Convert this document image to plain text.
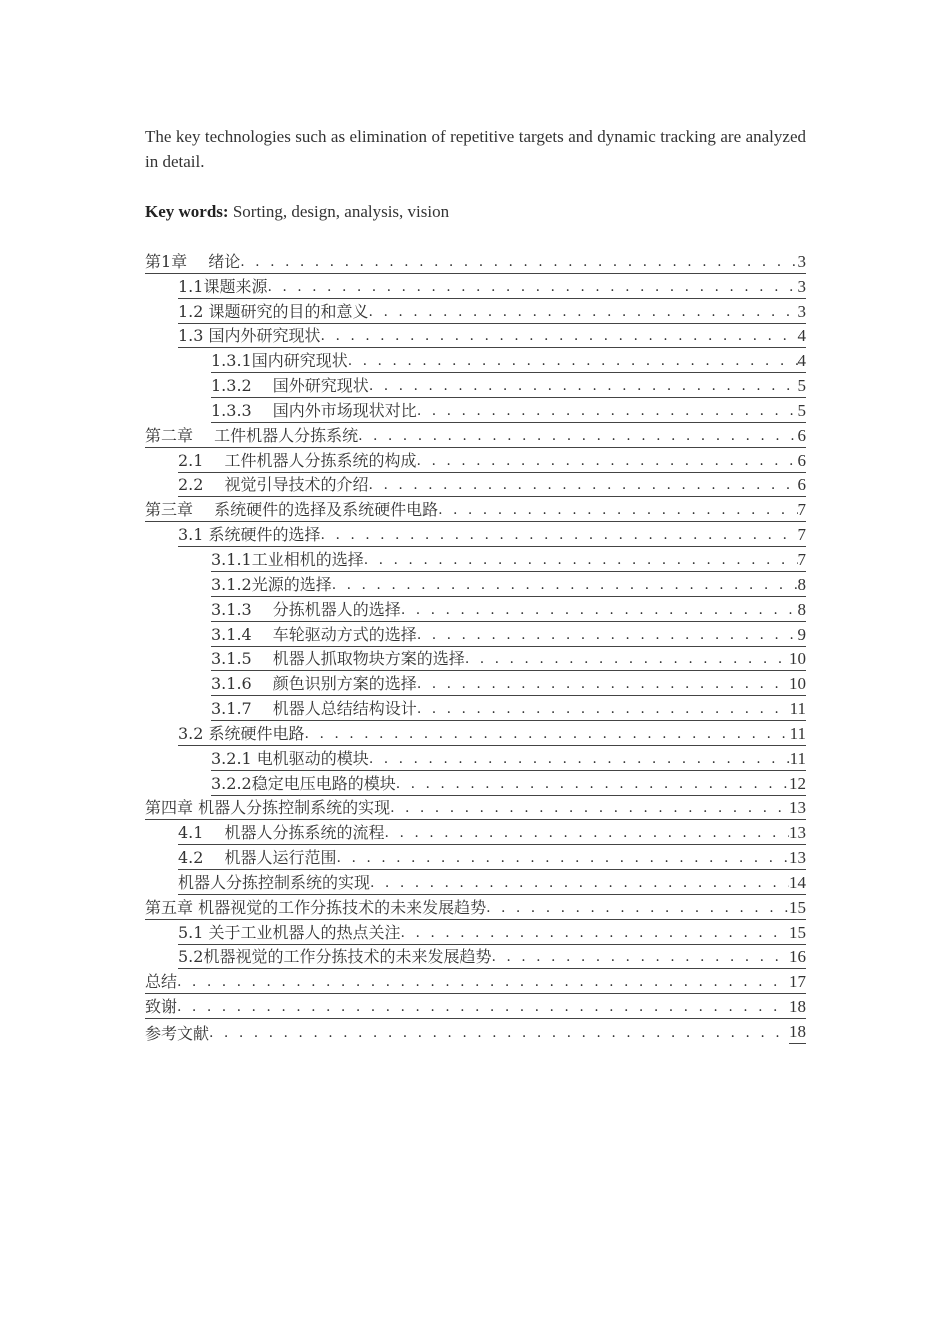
The key technologies such as elimination of repetitive targets and dynamic tracking are analyzed in detail.

Key words: Sorting, design, analysis, vision

第1章　 绪论 . . .	3
1.1课题来源 . . .	3
1.2 课题研究的目的和意义 . . .	3
1.3 国内外研究现状 . . .	4
1.3.1国内研究现状 . . .	4
1.3.2　 国外研究现状 . . .	5
1.3.3　 国内外市场现状对比 . . .	5
第二章　 工件机器人分拣系统 . . .	6
2.1　 工件机器人分拣系统的构成 . . .	6
2.2　 视觉引导技术的介绍 . . .	6
第三章　 系统硬件的选择及系统硬件电路 . . .	7
3.1 系统硬件的选择 . . .	7
3.1.1工业相机的选择 . . .	7
3.1.2光源的选择 . . .	8
3.1.3　 分拣机器人的选择 . . .	8
3.1.4　 车轮驱动方式的选择 . . .	9
3.1.5　 机器人抓取物块方案的选择 . . .	10
3.1.6　 颜色识别方案的选择 . . .	10
3.1.7　 机器人总结结构设计 . . .	11
3.2 系统硬件电路 . . .	11
3.2.1 电机驱动的模块 . . .	11
3.2.2稳定电压电路的模块 . . .	12
第四章 机器人分拣控制系统的实现 . . .	13
4.1　 机器人分拣系统的流程 . . .	13
4.2　 机器人运行范围 . . .	13
机器人分拣控制系统的实现 . . .	14
第五章 机器视觉的工作分拣技术的未来发展趋势 . . .	15
5.1 关于工业机器人的热点关注 . . .	15
5.2机器视觉的工作分拣技术的未来发展趋势 . . .	16
总结 . . .	17
致谢 . . .	18
参考文献 . . .	18
